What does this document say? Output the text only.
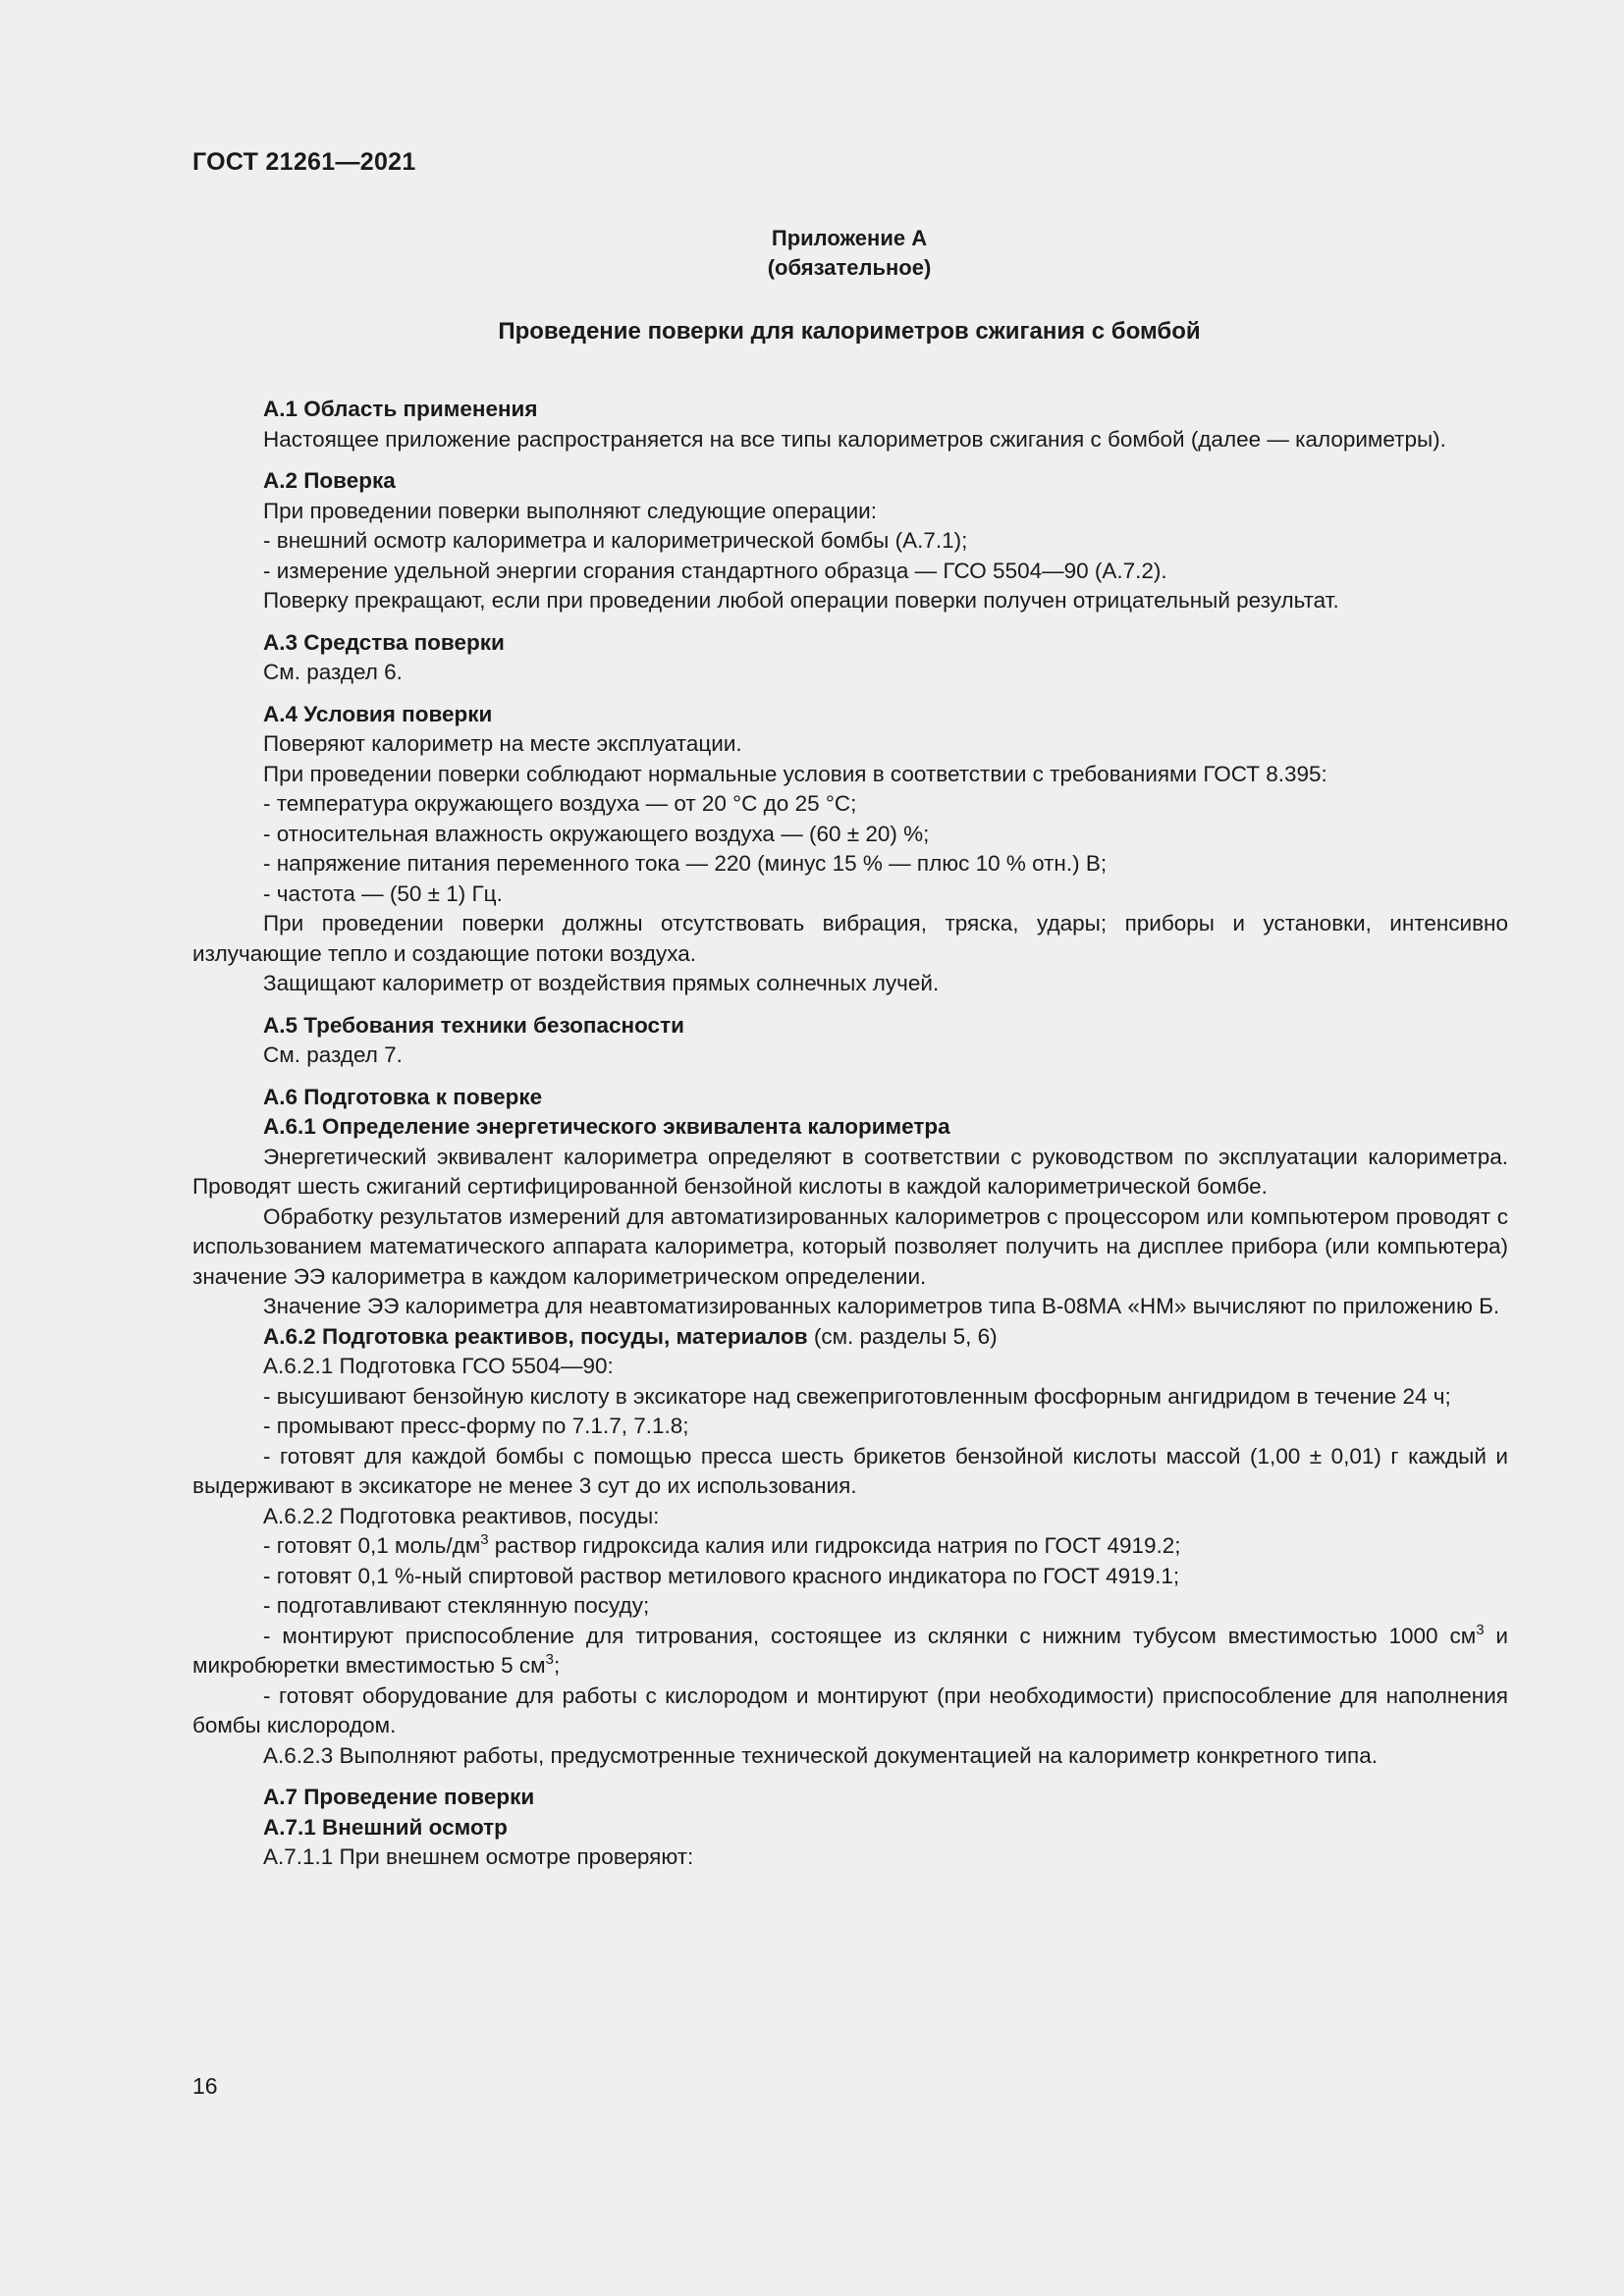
ГОСТ 21261—2021
Приложение А
(обязательное)
Проведение поверки для калориметров сжигания с бомбой

А.1 Область применения

Настоящее приложение распространяется на все типы калориметров сжигания с бомбой (далее — калориметры).

А.2 Поверка

При проведении поверки выполняют следующие операции:

- внешний осмотр калориметра и калориметрической бомбы (А.7.1);

- измерение удельной энергии сгорания стандартного образца — ГСО 5504—90 (А.7.2).

Поверку прекращают, если при проведении любой операции поверки получен отрицательный результат.

А.3 Средства поверки

См. раздел 6.

А.4 Условия поверки

Поверяют калориметр на месте эксплуатации.

При проведении поверки соблюдают нормальные условия в соответствии с требованиями ГОСТ 8.395:

- температура окружающего воздуха — от 20 °С до 25 °С;

- относительная влажность окружающего воздуха — (60 ± 20) %;

- напряжение питания переменного тока — 220 (минус 15 % — плюс 10 % отн.) В;

- частота — (50 ± 1) Гц.

При проведении поверки должны отсутствовать вибрация, тряска, удары; приборы и установки, интенсивно излучающие тепло и создающие потоки воздуха.

Защищают калориметр от воздействия прямых солнечных лучей.

А.5 Требования техники безопасности

См. раздел 7.

А.6 Подготовка к поверке

А.6.1 Определение энергетического эквивалента калориметра

Энергетический эквивалент калориметра определяют в соответствии с руководством по эксплуатации калориметра. Проводят шесть сжиганий сертифицированной бензойной кислоты в каждой калориметрической бомбе.

Обработку результатов измерений для автоматизированных калориметров с процессором или компьютером проводят с использованием математического аппарата калориметра, который позволяет получить на дисплее прибора (или компьютера) значение ЭЭ калориметра в каждом калориметрическом определении.

Значение ЭЭ калориметра для неавтоматизированных калориметров типа В-08МА «НМ» вычисляют по приложению Б.

А.6.2 Подготовка реактивов, посуды, материалов (см. разделы 5, 6)

А.6.2.1 Подготовка ГСО 5504—90:

- высушивают бензойную кислоту в эксикаторе над свежеприготовленным фосфорным ангидридом в течение 24 ч;

- промывают пресс-форму по 7.1.7, 7.1.8;

- готовят для каждой бомбы с помощью пресса шесть брикетов бензойной кислоты массой (1,00 ± 0,01) г каждый и выдерживают в эксикаторе не менее 3 сут до их использования.

А.6.2.2 Подготовка реактивов, посуды:

- готовят 0,1 моль/$дм^3$ раствор гидроксида калия или гидроксида натрия по ГОСТ 4919.2;

- готовят 0,1 %-ный спиртовой раствор метилового красного индикатора по ГОСТ 4919.1;

- подготавливают стеклянную посуду;

- монтируют приспособление для титрования, состоящее из склянки с нижним тубусом вместимостью 1000 $см^3$ и микробюретки вместимостью 5 $см^3$;

- готовят оборудование для работы с кислородом и монтируют (при необходимости) приспособление для наполнения бомбы кислородом.

А.6.2.3 Выполняют работы, предусмотренные технической документацией на калориметр конкретного типа.

А.7 Проведение поверки

А.7.1 Внешний осмотр

А.7.1.1 При внешнем осмотре проверяют:

16
